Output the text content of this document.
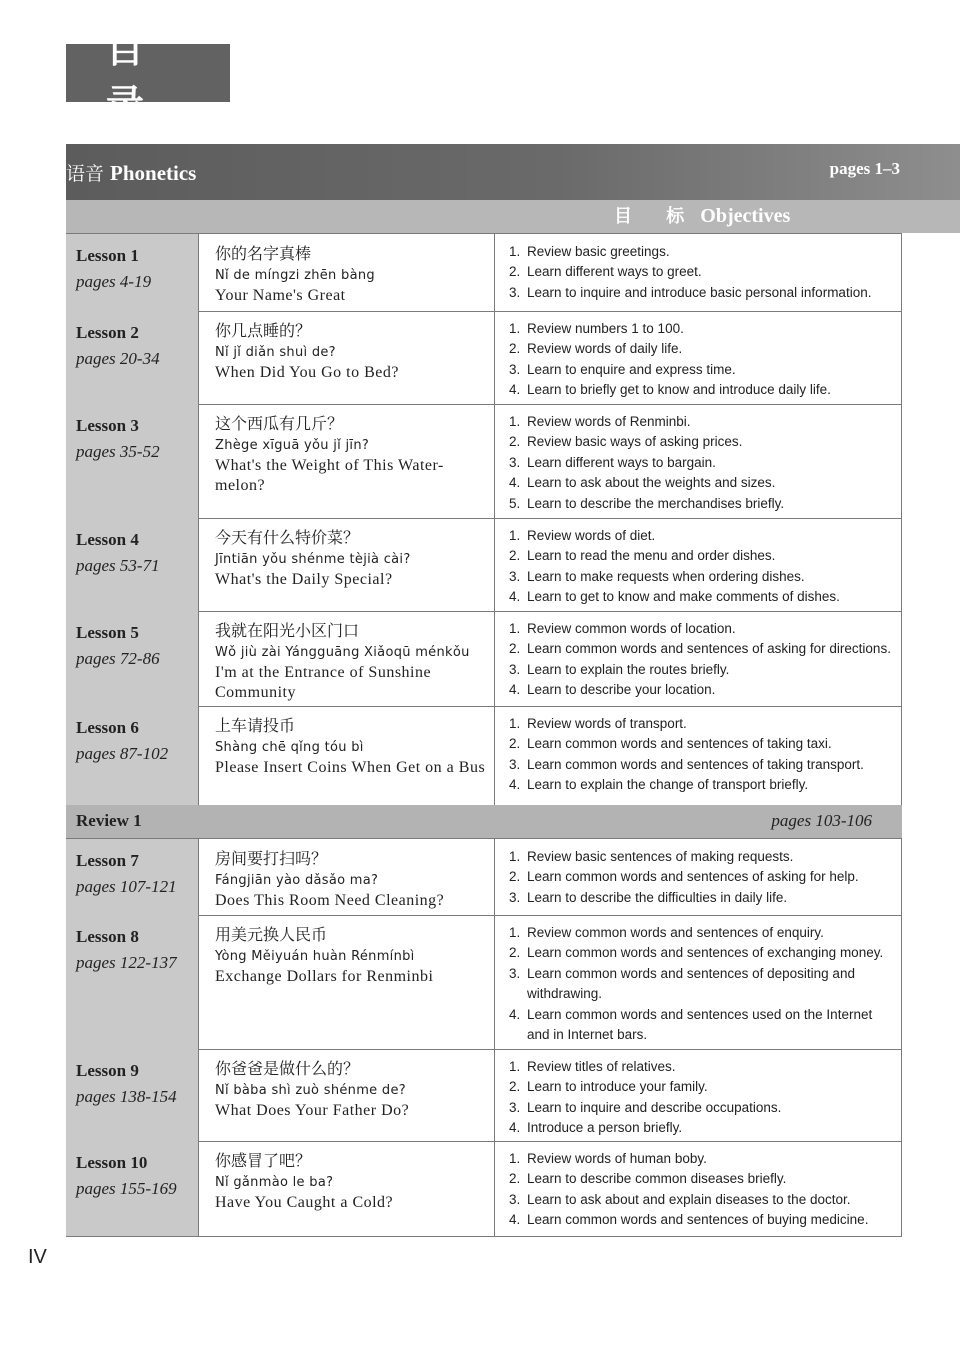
目 录
语音 Phonetics	pages 1–3
目 标 Objectives
Lesson 1
pages 4-19
你的名字真棒
Nǐ de míngzi zhēn bàng
Your Name's Great
1. Review basic greetings.
2. Learn different ways to greet.
3. Learn to inquire and introduce basic personal information.
Lesson 2
pages 20-34
你几点睡的？
Nǐ jǐ diǎn shuì de?
When Did You Go to Bed?
1. Review numbers 1 to 100.
2. Review words of daily life.
3. Learn to enquire and express time.
4. Learn to briefly get to know and introduce daily life.
Lesson 3
pages 35-52
这个西瓜有几斤？
Zhège xīguā yǒu jǐ jīn?
What's the Weight of This Water-melon?
1. Review words of Renminbi.
2. Review basic ways of asking prices.
3. Learn different ways to bargain.
4. Learn to ask about the weights and sizes.
5. Learn to describe the merchandises briefly.
Lesson 4
pages 53-71
今天有什么特价菜？
Jīntiān yǒu shénme tèjià cài?
What's the Daily Special?
1. Review words of diet.
2. Learn to read the menu and order dishes.
3. Learn to make requests when ordering dishes.
4. Learn to get to know and make comments of dishes.
Lesson 5
pages 72-86
我就在阳光小区门口
Wǒ jiù zài Yángguāng Xiǎoqū ménkǒu
I'm at the Entrance of Sunshine Community
1. Review common words of location.
2. Learn common words and sentences of asking for directions.
3. Learn to explain the routes briefly.
4. Learn to describe your location.
Lesson 6
pages 87-102
上车请投币
Shàng chē qǐng tóu bì
Please Insert Coins When Get on a Bus
1. Review words of transport.
2. Learn common words and sentences of taking taxi.
3. Learn common words and sentences of taking transport.
4. Learn to explain the change of transport briefly.
Review 1	pages 103-106
Lesson 7
pages 107-121
房间要打扫吗？
Fángjiān yào dǎsǎo ma?
Does This Room Need Cleaning?
1. Review basic sentences of making requests.
2. Learn common words and sentences of asking for help.
3. Learn to describe the difficulties in daily life.
Lesson 8
pages 122-137
用美元换人民币
Yòng Měiyuán huàn Rénmínbì
Exchange Dollars for Renminbi
1. Review common words and sentences of enquiry.
2. Learn common words and sentences of exchanging money.
3. Learn common words and sentences of depositing and withdrawing.
4. Learn common words and sentences used on the Internet and in Internet bars.
Lesson 9
pages 138-154
你爸爸是做什么的？
Nǐ bàba shì zuò shénme de?
What Does Your Father Do?
1. Review titles of relatives.
2. Learn to introduce your family.
3. Learn to inquire and describe occupations.
4. Introduce a person briefly.
Lesson 10
pages 155-169
你感冒了吧？
Nǐ gǎnmào le ba?
Have You Caught a Cold?
1. Review words of human boby.
2. Learn to describe common diseases briefly.
3. Learn to ask about and explain diseases to the doctor.
4. Learn common words and sentences of buying medicine.
IV
